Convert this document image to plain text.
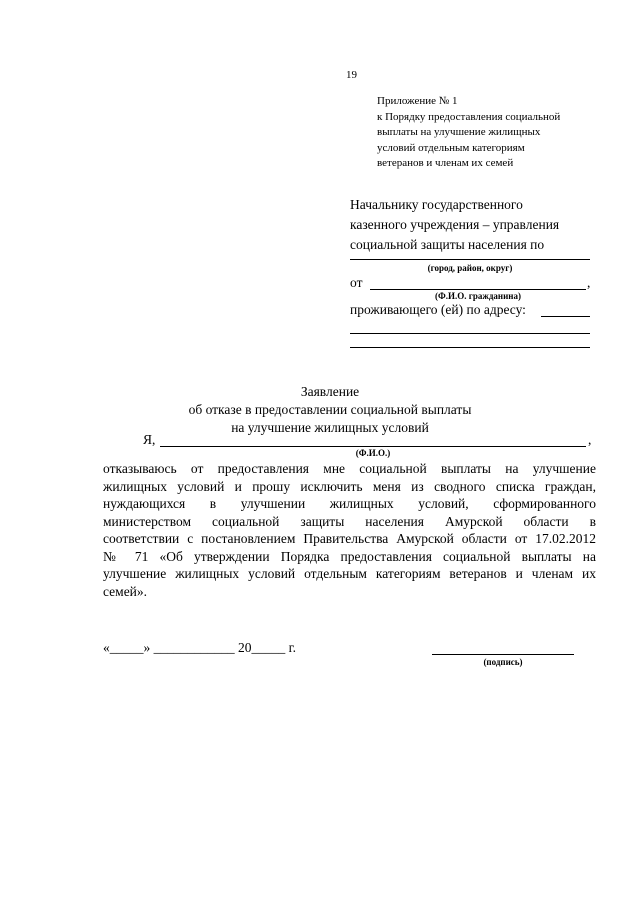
19
Приложение № 1
к Порядку предоставления социальной
выплаты на улучшение жилищных
условий отдельным категориям
ветеранов и членам их семей
Начальнику государственного
казенного учреждения – управления
социальной защиты населения по
(город, район, округ)
от	,
(Ф.И.О. гражданина)
проживающего (ей) по адресу:
Заявление
об отказе в предоставлении социальной выплаты
на улучшение жилищных условий
Я,	,
(Ф.И.О.)
отказываюсь от предоставления мне социальной выплаты на улучшение
жилищных условий и прошу исключить меня из сводного списка граждан,
нуждающихся в улучшении жилищных условий, сформированного
министерством социальной защиты населения Амурской области в
соответствии с постановлением Правительства Амурской области от 17.02.2012
№ 71 «Об утверждении Порядка предоставления социальной выплаты на
улучшение жилищных условий отдельным категориям ветеранов и членам их
семей».
«_____» ____________ 20_____ г.
(подпись)
